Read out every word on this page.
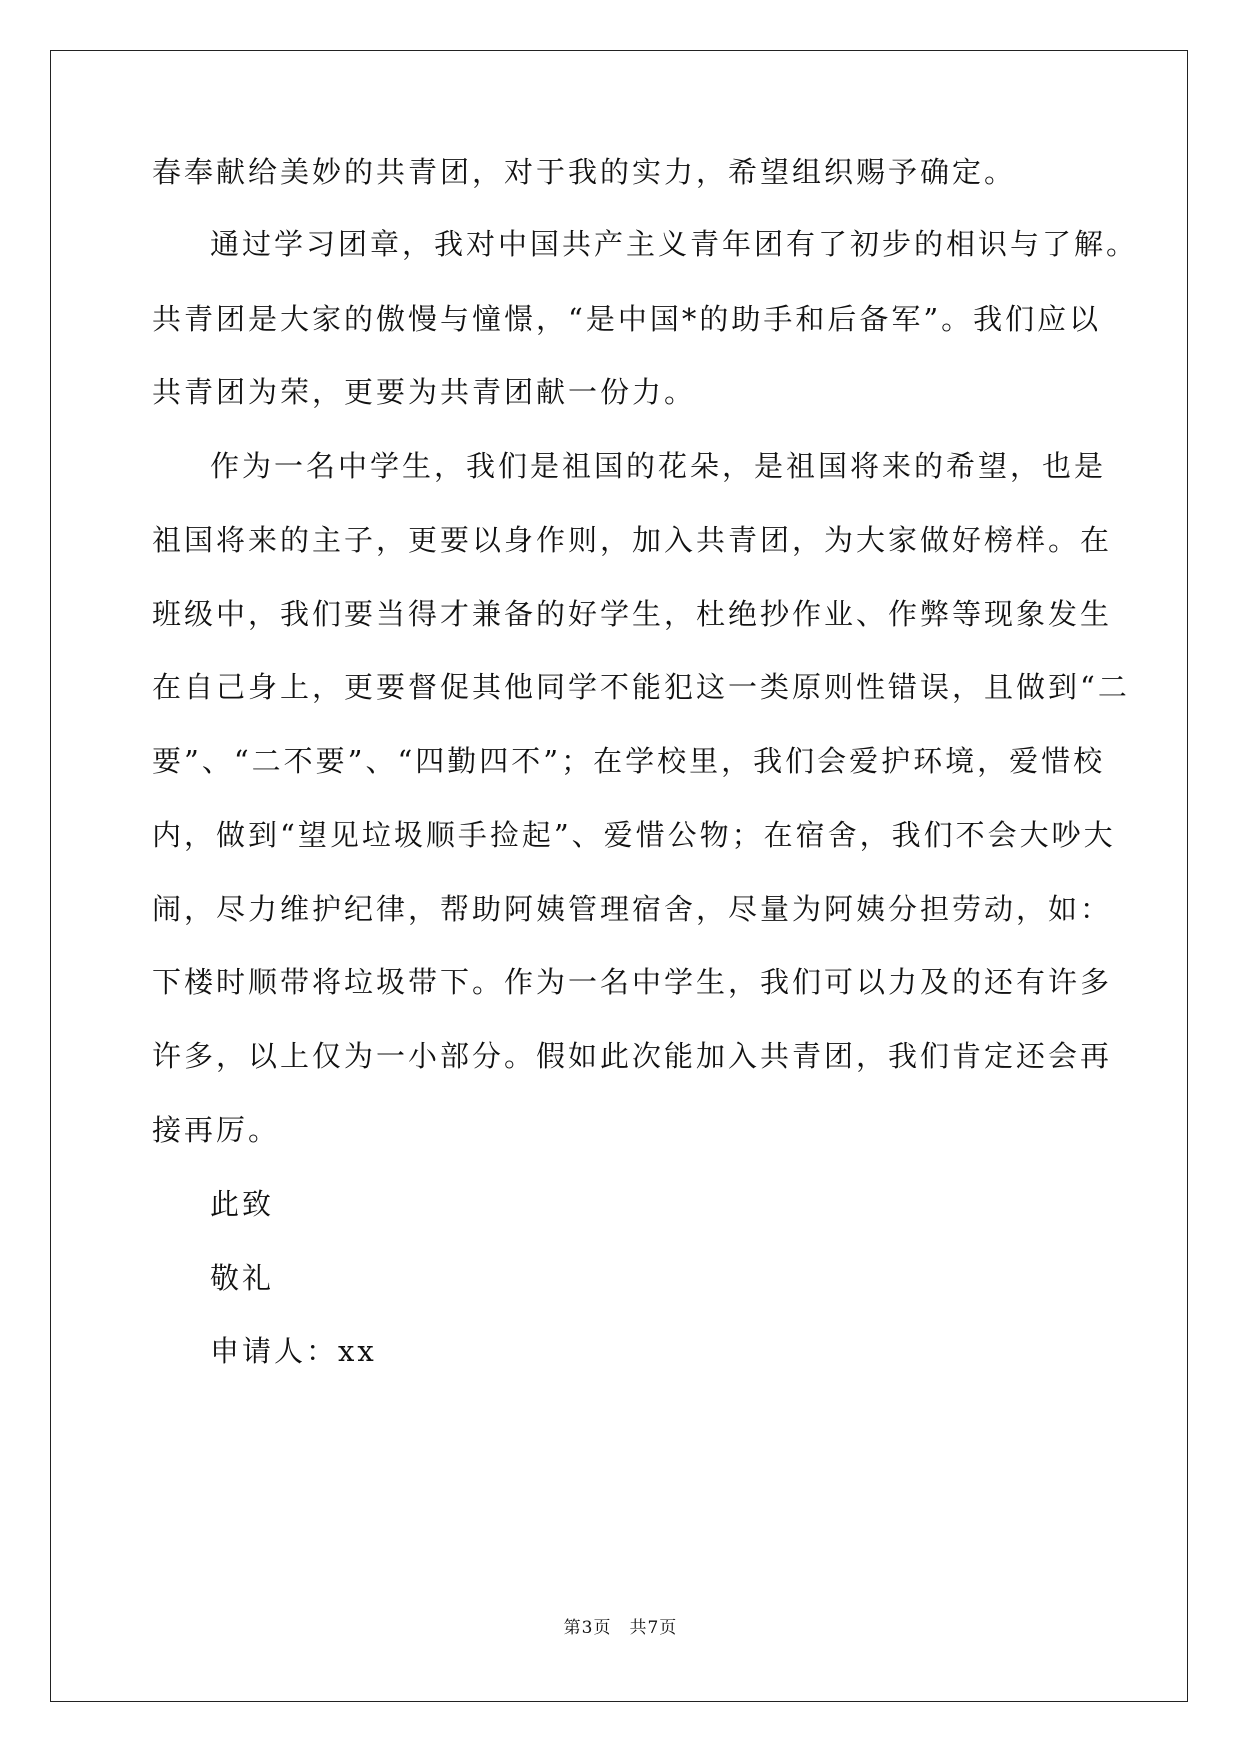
春奉献给美妙的共青团，对于我的实力，希望组织赐予确定。
通过学习团章，我对中国共产主义青年团有了初步的相识与了解。
共青团是大家的傲慢与憧憬，“是中国*的助手和后备军”。我们应以
共青团为荣，更要为共青团献一份力。
作为一名中学生，我们是祖国的花朵，是祖国将来的希望，也是
祖国将来的主子，更要以身作则，加入共青团，为大家做好榜样。在
班级中，我们要当得才兼备的好学生，杜绝抄作业、作弊等现象发生
在自己身上，更要督促其他同学不能犯这一类原则性错误，且做到“二
要”、“二不要”、“四勤四不”；在学校里，我们会爱护环境，爱惜校
内，做到“望见垃圾顺手捡起”、爱惜公物；在宿舍，我们不会大吵大
闹，尽力维护纪律，帮助阿姨管理宿舍，尽量为阿姨分担劳动，如：
下楼时顺带将垃圾带下。作为一名中学生，我们可以力及的还有许多
许多，以上仅为一小部分。假如此次能加入共青团，我们肯定还会再
接再厉。
此致
敬礼
申请人：xx
第3页　共7页
